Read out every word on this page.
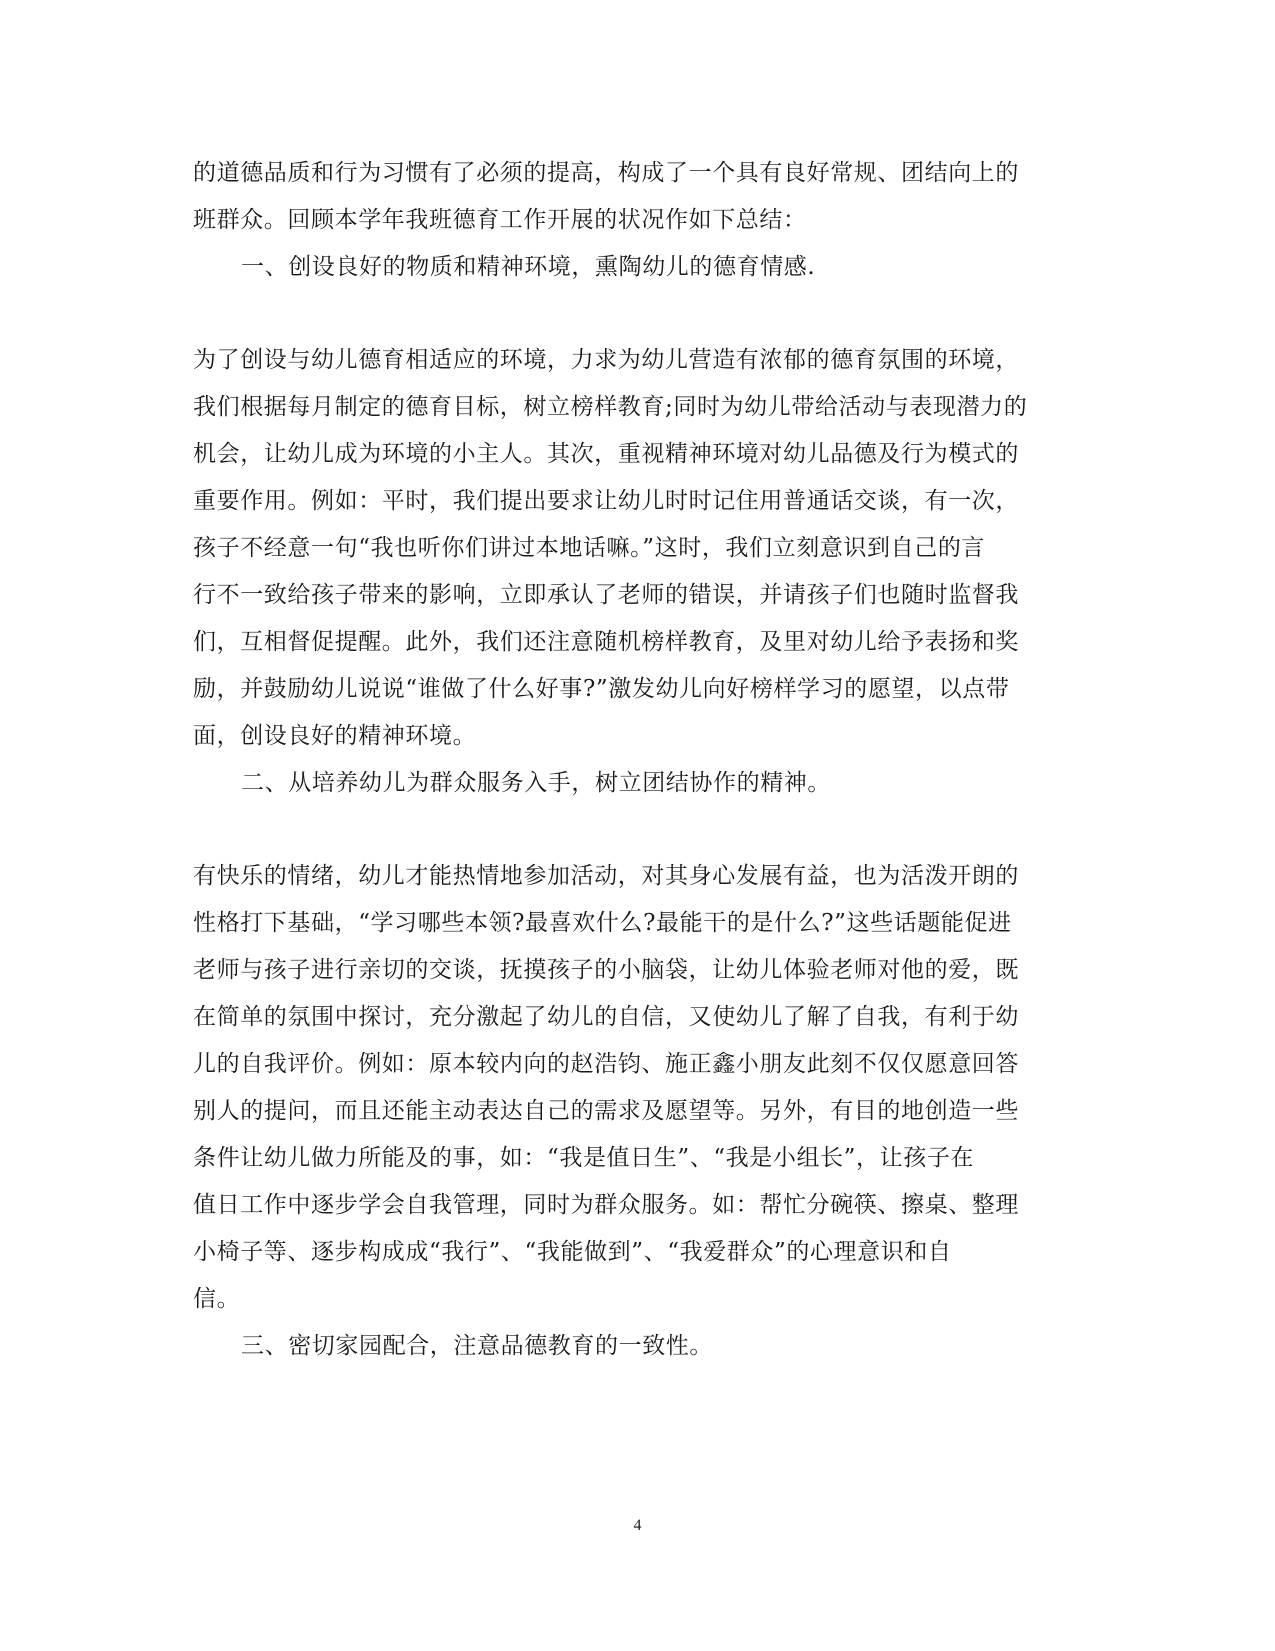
的道德品质和行为习惯有了必须的提高，构成了一个具有良好常规、团结向上的
班群众。回顾本学年我班德育工作开展的状况作如下总结：
一、创设良好的物质和精神环境，熏陶幼儿的德育情感.
为了创设与幼儿德育相适应的环境，力求为幼儿营造有浓郁的德育氛围的环境，
我们根据每月制定的德育目标，树立榜样教育;同时为幼儿带给活动与表现潜力的
机会，让幼儿成为环境的小主人。其次，重视精神环境对幼儿品德及行为模式的
重要作用。例如：平时，我们提出要求让幼儿时时记住用普通话交谈，有一次，
孩子不经意一句“我也听你们讲过本地话嘛。”这时，我们立刻意识到自己的言
行不一致给孩子带来的影响，立即承认了老师的错误，并请孩子们也随时监督我
们，互相督促提醒。此外，我们还注意随机榜样教育，及里对幼儿给予表扬和奖
励，并鼓励幼儿说说“谁做了什么好事?”激发幼儿向好榜样学习的愿望，以点带
面，创设良好的精神环境。
二、从培养幼儿为群众服务入手，树立团结协作的精神。
有快乐的情绪，幼儿才能热情地参加活动，对其身心发展有益，也为活泼开朗的
性格打下基础，“学习哪些本领?最喜欢什么?最能干的是什么?”这些话题能促进
老师与孩子进行亲切的交谈，抚摸孩子的小脑袋，让幼儿体验老师对他的爱，既
在简单的氛围中探讨，充分激起了幼儿的自信，又使幼儿了解了自我，有利于幼
儿的自我评价。例如：原本较内向的赵浩钧、施正鑫小朋友此刻不仅仅愿意回答
别人的提问，而且还能主动表达自己的需求及愿望等。另外，有目的地创造一些
条件让幼儿做力所能及的事，如：“我是值日生”、“我是小组长”，让孩子在
值日工作中逐步学会自我管理，同时为群众服务。如：帮忙分碗筷、擦桌、整理
小椅子等、逐步构成成“我行”、“我能做到”、“我爱群众”的心理意识和自
信。
三、密切家园配合，注意品德教育的一致性。
4
